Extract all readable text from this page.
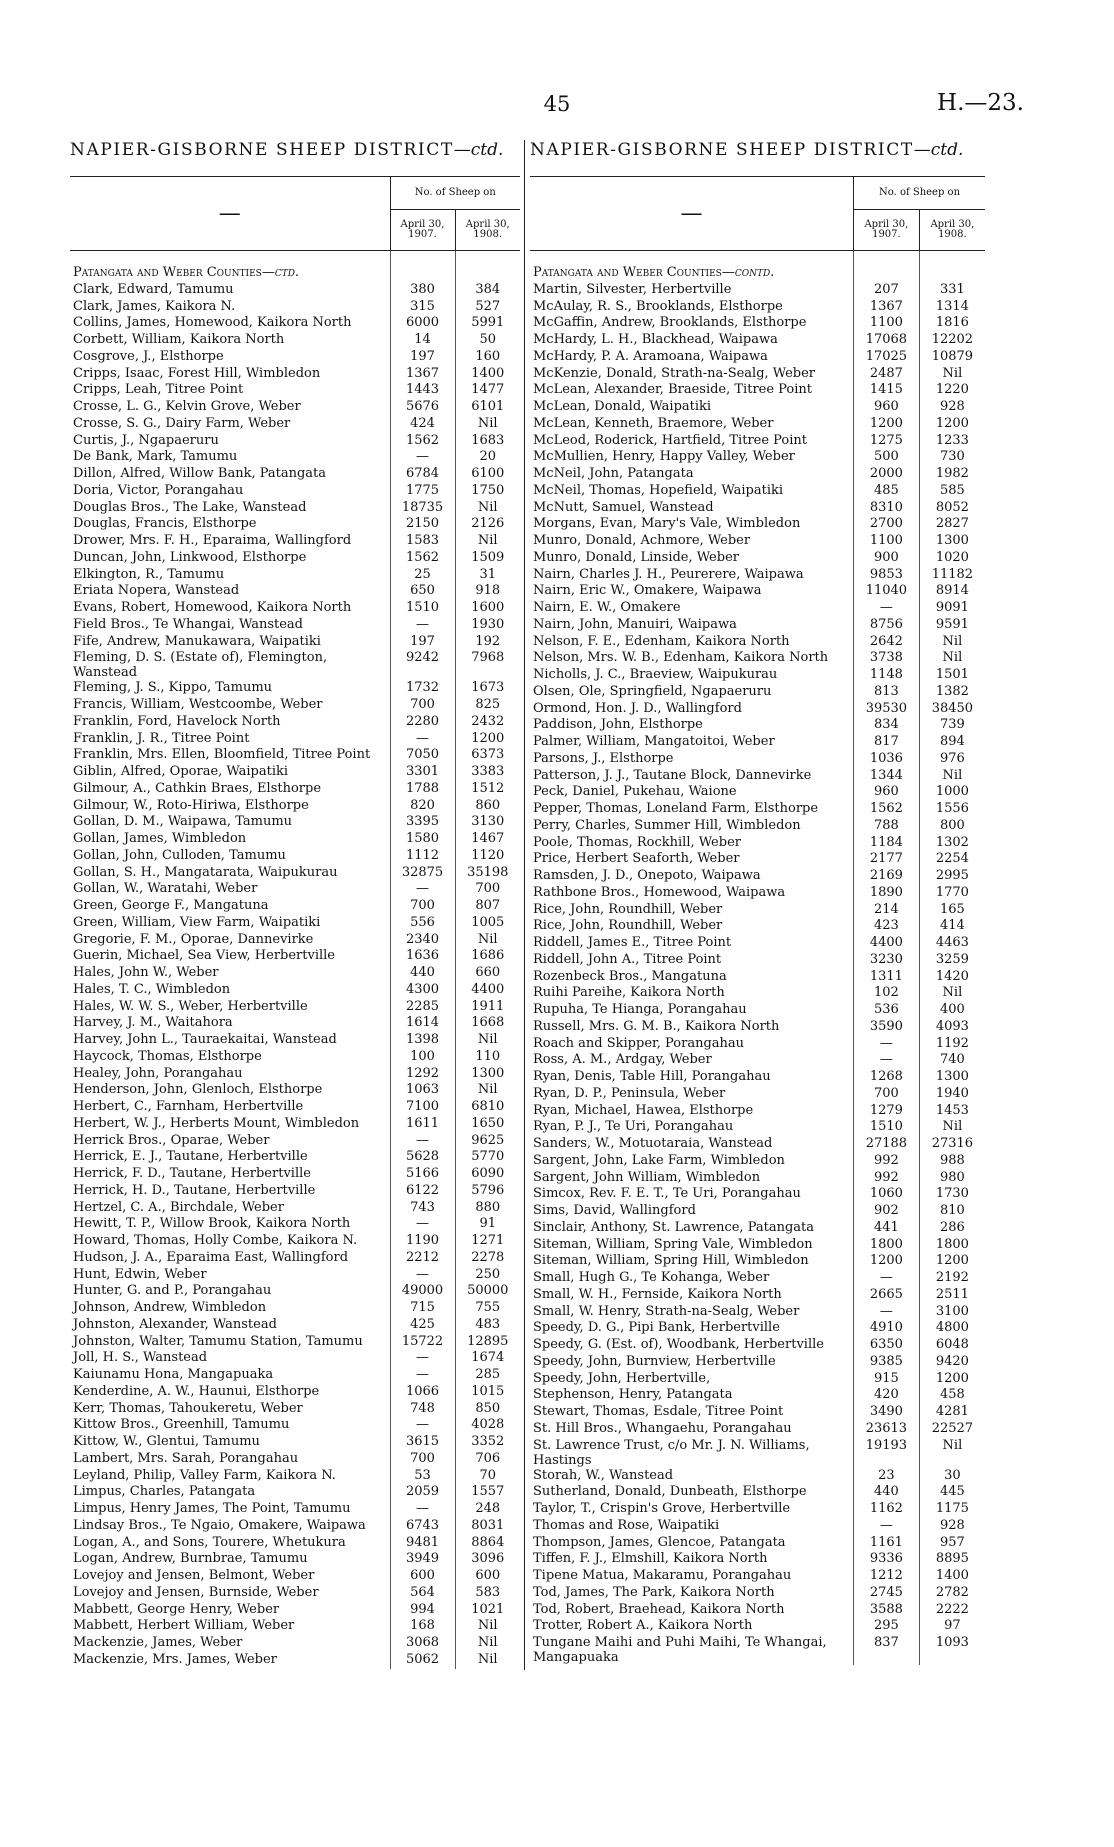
45	H.—23.
NAPIER-GISBORNE SHEEP DISTRICT—ctd.
—	No. of Sheep on	
	April 30, 1907.	April 30, 1908.

Patangata and Weber Counties—ctd.		
Clark, Edward, Tamumu	380	384
Clark, James, Kaikora N.	315	527
Collins, James, Homewood, Kaikora North	6000	5991
Corbett, William, Kaikora North	14	50
Cosgrove, J., Elsthorpe	197	160
Cripps, Isaac, Forest Hill, Wimbledon	1367	1400
Cripps, Leah, Titree Point	1443	1477
Crosse, L. G., Kelvin Grove, Weber	5676	6101
Crosse, S. G., Dairy Farm, Weber	424	Nil
Curtis, J., Ngapaeruru	1562	1683
De Bank, Mark, Tamumu	—	20
Dillon, Alfred, Willow Bank, Patangata	6784	6100
Doria, Victor, Porangahau	1775	1750
Douglas Bros., The Lake, Wanstead	18735	Nil
Douglas, Francis, Elsthorpe	2150	2126
Drower, Mrs. F. H., Eparaima, Wallingford	1583	Nil
Duncan, John, Linkwood, Elsthorpe	1562	1509
Elkington, R., Tamumu	25	31
Eriata Nopera, Wanstead	650	918
Evans, Robert, Homewood, Kaikora North	1510	1600
Field Bros., Te Whangai, Wanstead	—	1930
Fife, Andrew, Manukawara, Waipatiki	197	192
Fleming, D. S. (Estate of), Flemington, Wanstead	9242	7968
Fleming, J. S., Kippo, Tamumu	1732	1673
Francis, William, Westcoombe, Weber	700	825
Franklin, Ford, Havelock North	2280	2432
Franklin, J. R., Titree Point	—	1200
Franklin, Mrs. Ellen, Bloomfield, Titree Point	7050	6373
Giblin, Alfred, Oporae, Waipatiki	3301	3383
Gilmour, A., Cathkin Braes, Elsthorpe	1788	1512
Gilmour, W., Roto-Hiriwa, Elsthorpe	820	860
Gollan, D. M., Waipawa, Tamumu	3395	3130
Gollan, James, Wimbledon	1580	1467
Gollan, John, Culloden, Tamumu	1112	1120
Gollan, S. H., Mangatarata, Waipukurau	32875	35198
Gollan, W., Waratahi, Weber	—	700
Green, George F., Mangatuna	700	807
Green, William, View Farm, Waipatiki	556	1005
Gregorie, F. M., Oporae, Dannevirke	2340	Nil
Guerin, Michael, Sea View, Herbertville	1636	1686
Hales, John W., Weber	440	660
Hales, T. C., Wimbledon	4300	4400
Hales, W. W. S., Weber, Herbertville	2285	1911
Harvey, J. M., Waitahora	1614	1668
Harvey, John L., Tauraekaitai, Wanstead	1398	Nil
Haycock, Thomas, Elsthorpe	100	110
Healey, John, Porangahau	1292	1300
Henderson, John, Glenloch, Elsthorpe	1063	Nil
Herbert, C., Farnham, Herbertville	7100	6810
Herbert, W. J., Herberts Mount, Wimbledon	1611	1650
Herrick Bros., Oparae, Weber	—	9625
Herrick, E. J., Tautane, Herbertville	5628	5770
Herrick, F. D., Tautane, Herbertville	5166	6090
Herrick, H. D., Tautane, Herbertville	6122	5796
Hertzel, C. A., Birchdale, Weber	743	880
Hewitt, T. P., Willow Brook, Kaikora North	—	91
Howard, Thomas, Holly Combe, Kaikora N.	1190	1271
Hudson, J. A., Eparaima East, Wallingford	2212	2278
Hunt, Edwin, Weber	—	250
Hunter, G. and P., Porangahau	49000	50000
Johnson, Andrew, Wimbledon	715	755
Johnston, Alexander, Wanstead	425	483
Johnston, Walter, Tamumu Station, Tamumu	15722	12895
Joll, H. S., Wanstead	—	1674
Kaiunamu Hona, Mangapuaka	—	285
Kenderdine, A. W., Haunui, Elsthorpe	1066	1015
Kerr, Thomas, Tahoukeretu, Weber	748	850
Kittow Bros., Greenhill, Tamumu	—	4028
Kittow, W., Glentui, Tamumu	3615	3352
Lambert, Mrs. Sarah, Porangahau	700	706
Leyland, Philip, Valley Farm, Kaikora N.	53	70
Limpus, Charles, Patangata	2059	1557
Limpus, Henry James, The Point, Tamumu	—	248
Lindsay Bros., Te Ngaio, Omakere, Waipawa	6743	8031
Logan, A., and Sons, Tourere, Whetukura	9481	8864
Logan, Andrew, Burnbrae, Tamumu	3949	3096
Lovejoy and Jensen, Belmont, Weber	600	600
Lovejoy and Jensen, Burnside, Weber	564	583
Mabbett, George Henry, Weber	994	1021
Mabbett, Herbert William, Weber	168	Nil
Mackenzie, James, Weber	3068	Nil
Mackenzie, Mrs. James, Weber	5062	Nil
NAPIER-GISBORNE SHEEP DISTRICT—ctd.
—	No. of Sheep on	
	April 30, 1907.	April 30, 1908.

Patangata and Weber Counties—contd.		
Martin, Silvester, Herbertville	207	331
McAulay, R. S., Brooklands, Elsthorpe	1367	1314
McGaffin, Andrew, Brooklands, Elsthorpe	1100	1816
McHardy, L. H., Blackhead, Waipawa	17068	12202
McHardy, P. A. Aramoana, Waipawa	17025	10879
McKenzie, Donald, Strath-na-Sealg, Weber	2487	Nil
McLean, Alexander, Braeside, Titree Point	1415	1220
McLean, Donald, Waipatiki	960	928
McLean, Kenneth, Braemore, Weber	1200	1200
McLeod, Roderick, Hartfield, Titree Point	1275	1233
McMullien, Henry, Happy Valley, Weber	500	730
McNeil, John, Patangata	2000	1982
McNeil, Thomas, Hopefield, Waipatiki	485	585
McNutt, Samuel, Wanstead	8310	8052
Morgans, Evan, Mary's Vale, Wimbledon	2700	2827
Munro, Donald, Achmore, Weber	1100	1300
Munro, Donald, Linside, Weber	900	1020
Nairn, Charles J. H., Peurerere, Waipawa	9853	11182
Nairn, Eric W., Omakere, Waipawa	11040	8914
Nairn, E. W., Omakere	—	9091
Nairn, John, Manuiri, Waipawa	8756	9591
Nelson, F. E., Edenham, Kaikora North	2642	Nil
Nelson, Mrs. W. B., Edenham, Kaikora North	3738	Nil
Nicholls, J. C., Braeview, Waipukurau	1148	1501
Olsen, Ole, Springfield, Ngapaeruru	813	1382
Ormond, Hon. J. D., Wallingford	39530	38450
Paddison, John, Elsthorpe	834	739
Palmer, William, Mangatoitoi, Weber	817	894
Parsons, J., Elsthorpe	1036	976
Patterson, J. J., Tautane Block, Dannevirke	1344	Nil
Peck, Daniel, Pukehau, Waione	960	1000
Pepper, Thomas, Loneland Farm, Elsthorpe	1562	1556
Perry, Charles, Summer Hill, Wimbledon	788	800
Poole, Thomas, Rockhill, Weber	1184	1302
Price, Herbert Seaforth, Weber	2177	2254
Ramsden, J. D., Onepoto, Waipawa	2169	2995
Rathbone Bros., Homewood, Waipawa	1890	1770
Rice, John, Roundhill, Weber	214	165
Rice, John, Roundhill, Weber	423	414
Riddell, James E., Titree Point	4400	4463
Riddell, John A., Titree Point	3230	3259
Rozenbeck Bros., Mangatuna	1311	1420
Ruihi Pareihe, Kaikora North	102	Nil
Rupuha, Te Hianga, Porangahau	536	400
Russell, Mrs. G. M. B., Kaikora North	3590	4093
Roach and Skipper, Porangahau	—	1192
Ross, A. M., Ardgay, Weber	—	740
Ryan, Denis, Table Hill, Porangahau	1268	1300
Ryan, D. P., Peninsula, Weber	700	1940
Ryan, Michael, Hawea, Elsthorpe	1279	1453
Ryan, P. J., Te Uri, Porangahau	1510	Nil
Sanders, W., Motuotaraia, Wanstead	27188	27316
Sargent, John, Lake Farm, Wimbledon	992	988
Sargent, John William, Wimbledon	992	980
Simcox, Rev. F. E. T., Te Uri, Porangahau	1060	1730
Sims, David, Wallingford	902	810
Sinclair, Anthony, St. Lawrence, Patangata	441	286
Siteman, William, Spring Vale, Wimbledon	1800	1800
Siteman, William, Spring Hill, Wimbledon	1200	1200
Small, Hugh G., Te Kohanga, Weber	—	2192
Small, W. H., Fernside, Kaikora North	2665	2511
Small, W. Henry, Strath-na-Sealg, Weber	—	3100
Speedy, D. G., Pipi Bank, Herbertville	4910	4800
Speedy, G. (Est. of), Woodbank, Herbertville	6350	6048
Speedy, John, Burnview, Herbertville	9385	9420
Speedy, John, Herbertville,	915	1200
Stephenson, Henry, Patangata	420	458
Stewart, Thomas, Esdale, Titree Point	3490	4281
St. Hill Bros., Whangaehu, Porangahau	23613	22527
St. Lawrence Trust, c/o Mr. J. N. Williams, Hastings	19193	Nil
Storah, W., Wanstead	23	30
Sutherland, Donald, Dunbeath, Elsthorpe	440	445
Taylor, T., Crispin's Grove, Herbertville	1162	1175
Thomas and Rose, Waipatiki	—	928
Thompson, James, Glencoe, Patangata	1161	957
Tiffen, F. J., Elmshill, Kaikora North	9336	8895
Tipene Matua, Makaramu, Porangahau	1212	1400
Tod, James, The Park, Kaikora North	2745	2782
Tod, Robert, Braehead, Kaikora North	3588	2222
Trotter, Robert A., Kaikora North	295	97
Tungane Maihi and Puhi Maihi, Te Whangai, Mangapuaka	837	1093
